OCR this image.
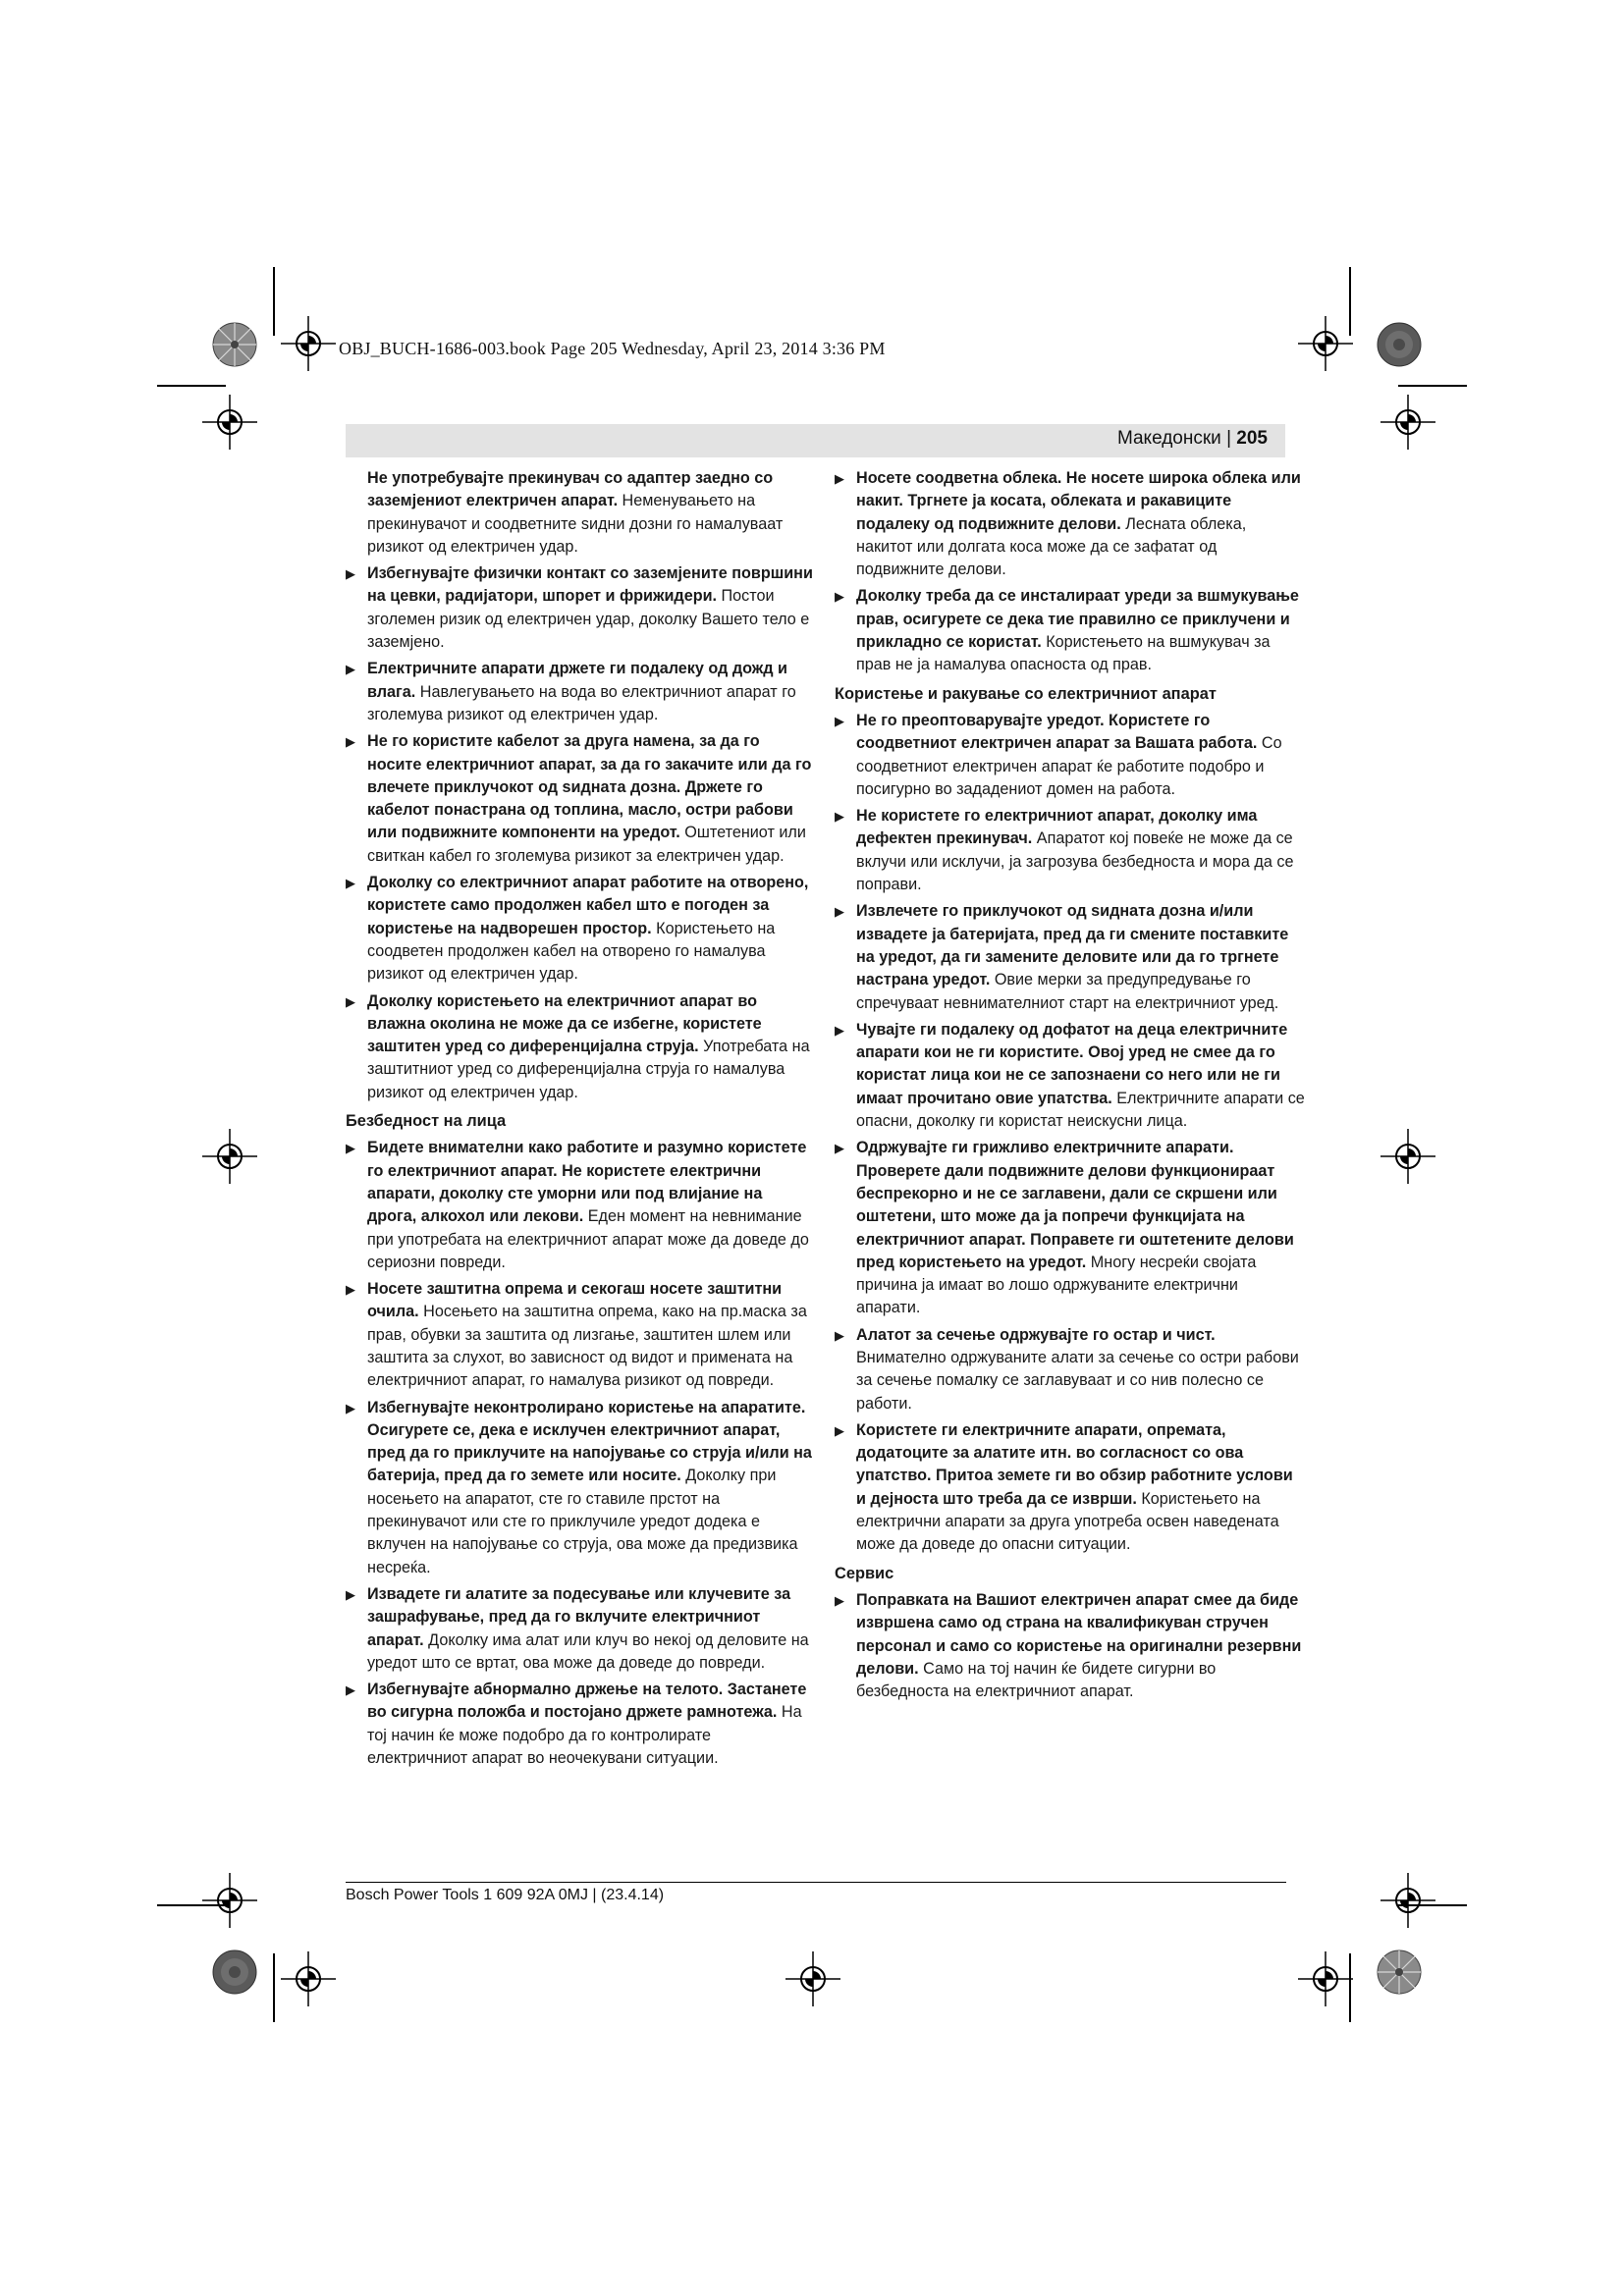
OBJ_BUCH-1686-003.book Page 205 Wednesday, April 23, 2014 3:36 PM
Македонски | 205
Не употребувајте прекинувач со адаптер заедно со заземјениот електричен апарат. Неменувањето на прекинувачот и соодветните ѕидни дозни го намалуваат ризикот од електричен удар.
▶ Избегнувајте физички контакт со заземјените површини на цевки, радијатори, шпорет и фрижидери. Постои зголемен ризик од електричен удар, доколку Вашето тело е заземјено.
▶ Електричните апарати држете ги подалеку од дожд и влага. Навлегувањето на вода во електричниот апарат го зголемува ризикот од електричен удар.
▶ Не го користите кабелот за друга намена, за да го носите електричниот апарат, за да го закачите или да го влечете приклучокот од ѕидната дозна. Држете го кабелот понастрана од топлина, масло, остри рабови или подвижните компоненти на уредот. Оштетениот или свиткан кабел го зголемува ризикот за електричен удар.
▶ Доколку со електричниот апарат работите на отворено, користете само продолжен кабел што е погоден за користење на надворешен простор. Користењето на соодветен продолжен кабел на отворено го намалува ризикот од електричен удар.
▶ Доколку користењето на електричниот апарат во влажна околина не може да се избегне, користете заштитен уред со диференцијална струја. Употребата на заштитниот уред со диференцијална струја го намалува ризикот од електричен удар.
Безбедност на лица
▶ Бидете внимателни како работите и разумно користете го електричниот апарат. Не користете електрични апарати, доколку сте уморни или под влијание на дрога, алкохол или лекови. Еден момент на невнимание при употребата на електричниот апарат може да доведе до сериозни повреди.
▶ Носете заштитна опрема и секогаш носете заштитни очила. Носењето на заштитна опрема, како на пр.маска за прав, обувки за заштита од лизгање, заштитен шлем или заштита за слухот, во зависност од видот и примената на електричниот апарат, го намалува ризикот од повреди.
▶ Избегнувајте неконтролирано користење на апаратите. Осигурете се, дека е исклучен електричниот апарат, пред да го приклучите на напојување со струја и/или на батерија, пред да го земете или носите. Доколку при носењето на апаратот, сте го ставиле прстот на прекинувачот или сте го приклучиле уредот додека е вклучен на напојување со струја, ова може да предизвика несреќа.
▶ Извадете ги алатите за подесување или клучевите за зашрафување, пред да го вклучите електричниот апарат. Доколку има алат или клуч во некој од деловите на уредот што се вртат, ова може да доведе до повреди.
▶ Избегнувајте абнормално држење на телото. Застанете во сигурна положба и постојано држете рамнотежа. На тој начин ќе може подобро да го контролирате електричниот апарат во неочекувани ситуации.
▶ Носете соодветна облека. Не носете широка облека или накит. Тргнете ја косата, облеката и ракавиците подалеку од подвижните делови. Лесната облека, накитот или долгата коса може да се зафатат од подвижните делови.
▶ Доколку треба да се инсталираат уреди за вшмукување прав, осигурете се дека тие правилно се приклучени и прикладно се користат. Користењето на вшмукувач за прав не ја намалува опасноста од прав.
Користење и ракување со електричниот апарат
▶ Не го преоптоварувајте уредот. Користете го соодветниот електричен апарат за Вашата работа. Со соодветниот електричен апарат ќе работите подобро и посигурно во зададениот домен на работа.
▶ Не користете го електричниот апарат, доколку има дефектен прекинувач. Апаратот кој повеќе не може да се вклучи или исклучи, ја загрозува безбедноста и мора да се поправи.
▶ Извлечете го приклучокот од ѕидната дозна и/или извадете ја батеријата, пред да ги смените поставките на уредот, да ги замените деловите или да го тргнете настрана уредот. Овие мерки за предупредување го спречуваат невнимателниот старт на електричниот уред.
▶ Чувајте ги подалеку од дофатот на деца електричните апарати кои не ги користите. Овој уред не смее да го користат лица кои не се запознаени со него или не ги имаат прочитано овие упатства. Електричните апарати се опасни, доколку ги користат неискусни лица.
▶ Одржувајте ги грижливо електричните апарати. Проверете дали подвижните делови функционираат беспрекорно и не се заглавени, дали се скршени или оштетени, што може да ја попречи функцијата на електричниот апарат. Поправете ги оштетените делови пред користењето на уредот. Многу несреќи својата причина ја имаат во лошо одржуваните електрични апарати.
▶ Алатот за сечење одржувајте го остар и чист. Внимателно одржуваните алати за сечење со остри рабови за сечење помалку се заглавуваат и со нив полесно се работи.
▶ Користете ги електричните апарати, опремата, додатоците за алатите итн. во согласност со ова упатство. Притоа земете ги во обзир работните услови и дејноста што треба да се изврши. Користењето на електрични апарати за друга употреба освен наведената може да доведе до опасни ситуации.
Сервис
▶ Поправката на Вашиот електричен апарат смее да биде извршена само од страна на квалификуван стручен персонал и само со користење на оригинални резервни делови. Само на тој начин ќе бидете сигурни во безбедноста на електричниот апарат.
Bosch Power Tools 1 609 92A 0MJ | (23.4.14)
